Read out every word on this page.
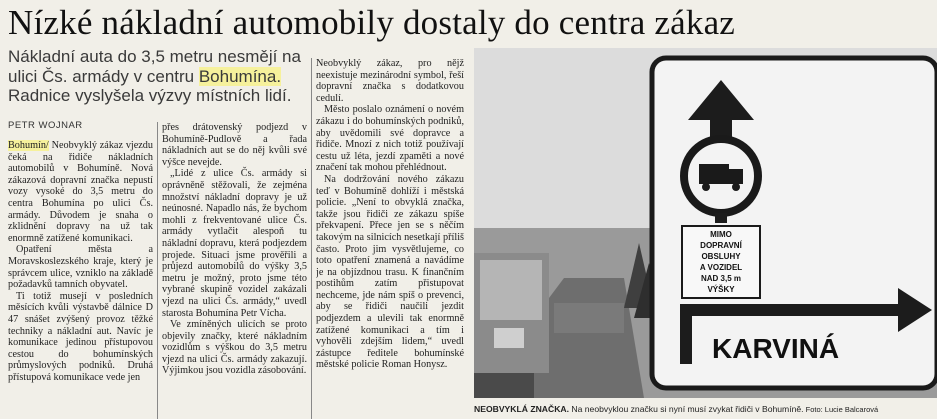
Nízké nákladní automobily dostaly do centra zákaz
Nákladní auta do 3,5 metru nesmějí na ulici Čs. armády v centru Bohumína. Radnice vyslyšela výzvy místních lidí.
PETR WOJNAR

Bohumín/ Neobvyklý zákaz vjezdu čeká na řidiče nákladních automobilů v Bohumíně. Nová zákazová dopravní značka nepustí vozy vysoké do 3,5 metru do centra Bohumína po ulici Čs. armády. Důvodem je snaha o zklidnění dopravy na už tak enormně zatížené komunikaci.

Opatření města a Moravskoslezského kraje, který je správcem ulice, vzniklo na základě požadavků tamních obyvatel.

Ti totiž musejí v posledních měsících kvůli výstavbě dálnice D 47 snášet zvýšený provoz těžké techniky a nákladní aut. Navíc je komunikace jedinou přístupovou cestou do bohumínských průmyslových podniků. Druhá přístupová komunikace vede jen

přes drátovenský podjezd v Bohumíně-Pudlově a řada nákladních aut se do něj kvůli své výšce nevejde.

„Lidé z ulice Čs. armády si oprávněně stěžovali, že zejména množství nákladní dopravy je už neúnosné. Napadlo nás, že bychom mohli z frekventované ulice Čs. armády vytlačit alespoň tu nákladní dopravu, která podjezdem projede. Situaci jsme prověřili a průjezd automobilů do výšky 3,5 metru je možný, proto jsme této vybrané skupině vozidel zakázali vjezd na ulici Čs. armády,“ uvedl starosta Bohumína Petr Vícha.

Ve zmíněných ulicích se proto objevily značky, které nákladním vozidlům s výškou do 3,5 metru vjezd na ulici Čs. armády zakazují. Výjimkou jsou vozidla zásobování.

Neobvyklý zákaz, pro nějž neexistuje mezinárodní symbol, řeší dopravní značka s dodatkovou cedulí.

Město poslalo oznámení o novém zákazu i do bohumínských podniků, aby uvědomili své dopravce a řidiče. Mnozí z nich totiž používají cestu už léta, jezdí zpaměti a nové značení tak mohou přehlédnout.

Na dodržování nového zákazu teď v Bohumíně dohlíží i městská policie. „Není to obvyklá značka, takže jsou řidiči ze zákazu spíše překvapení. Přece jen se s něčím takovým na silnicích nesetkají příliš často. Proto jim vysvětlujeme, co toto opatření znamená a navádíme je na objízdnou trasu. K finančním postihům zatím přistupovat nechceme, jde nám spíš o prevenci, aby se řidiči naučili jezdit podjezdem a ulevili tak enormně zatížené komunikaci a tím i vyhověli zdejším lidem,“ uvedl zástupce ředitele bohumínské městské policie Roman Honysz.

MIMO
DOPRAVNÍ
OBSLUHY
A VOZIDEL
NAD 3,5 m
VÝŠKY
KARVINÁ
NEOBVYKLÁ ZNAČKA. Na neobvyklou značku si nyní musí zvykat řidiči v Bohumíně. Foto: Lucie Balcarová
